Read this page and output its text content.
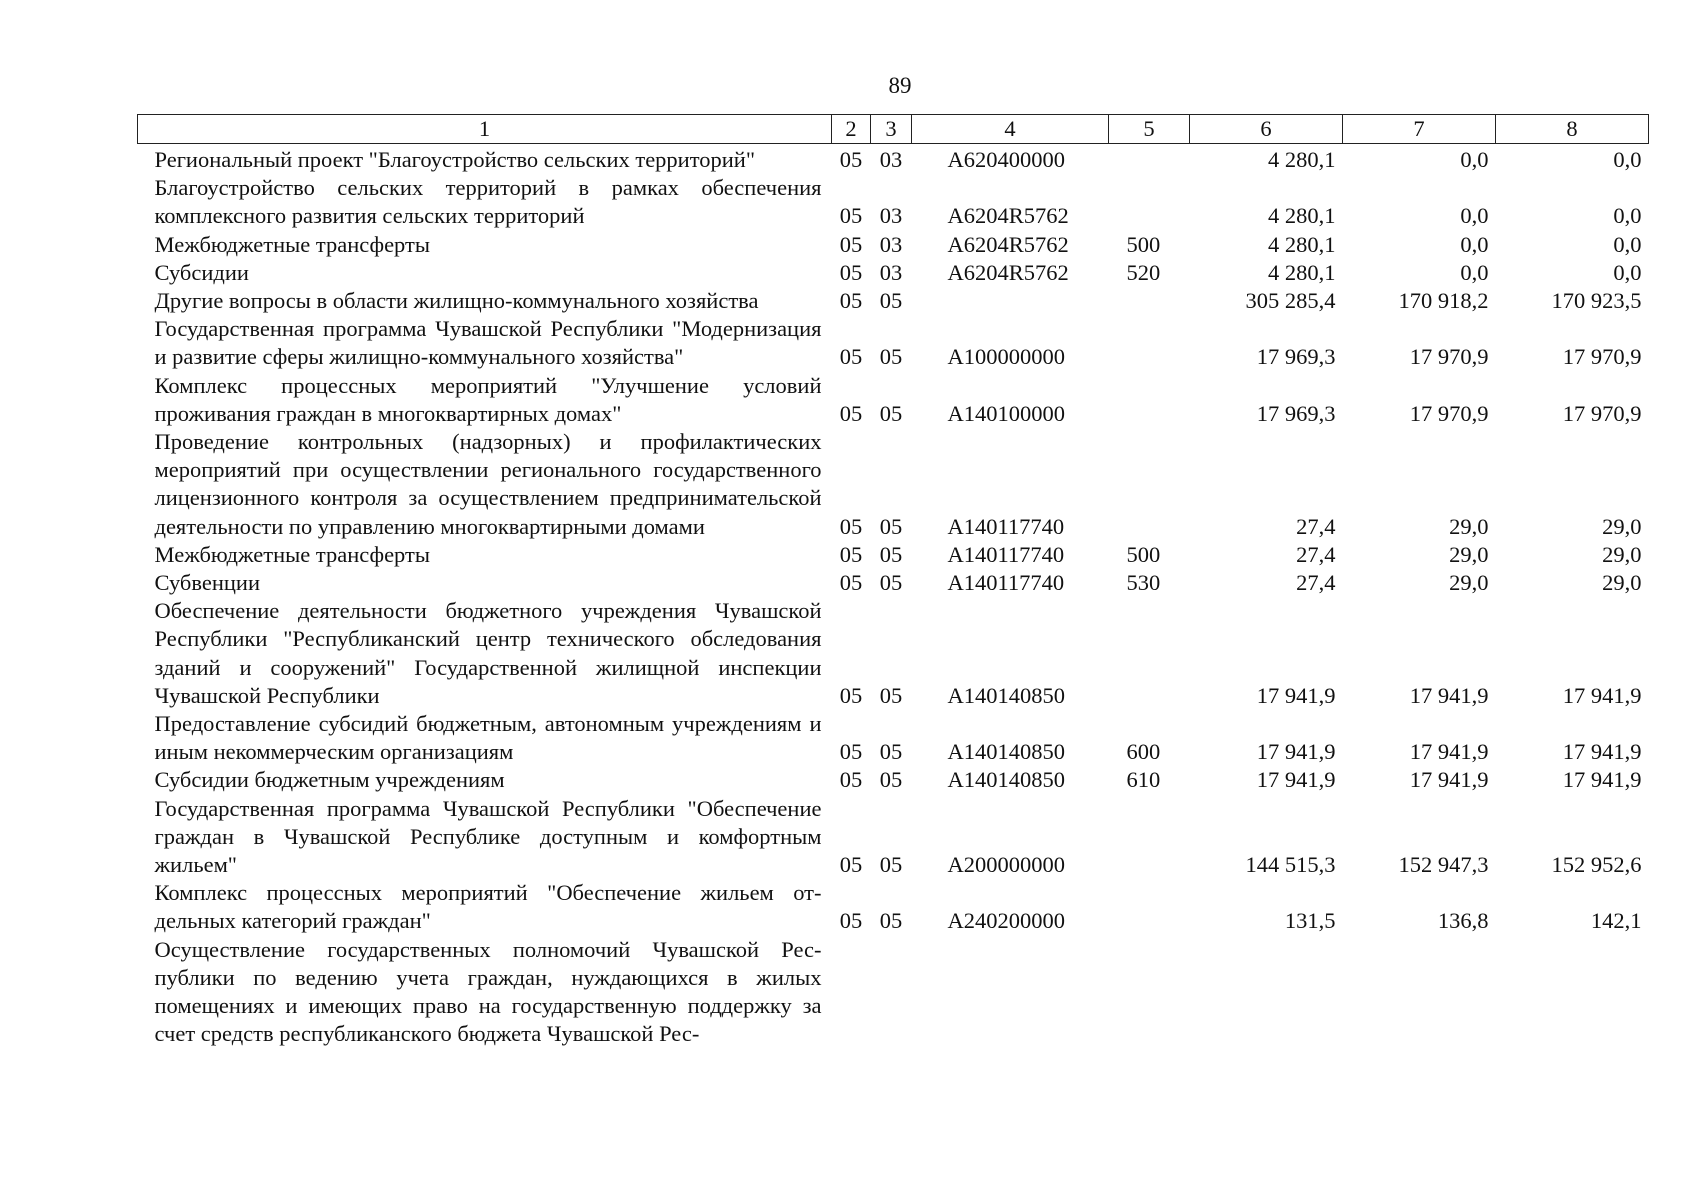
89
1	2	3	4	5	6	7	8
Региональный проект "Благоустройство сельских территорий"	05	03	А620400000		4 280,1	0,0	0,0
Благоустройство сельских территорий в рамках обеспечения комплексного развития сельских территорий	05	03	А6204R5762		4 280,1	0,0	0,0
Межбюджетные трансферты	05	03	А6204R5762	500	4 280,1	0,0	0,0
Субсидии	05	03	А6204R5762	520	4 280,1	0,0	0,0
Другие вопросы в области жилищно-коммунального хозяйства	05	05			305 285,4	170 918,2	170 923,5
Государственная программа Чувашской Республики "Модернизация и развитие сферы жилищно-коммунального хозяйства"	05	05	А100000000		17 969,3	17 970,9	17 970,9
Комплекс процессных мероприятий "Улучшение условий проживания граждан в многоквартирных домах"	05	05	А140100000		17 969,3	17 970,9	17 970,9
Проведение контрольных (надзорных) и профилактических мероприятий при осуществлении регионального государственного лицензионного контроля за осуществлением предпринимательской деятельности по управлению многоквартирными домами	05	05	А140117740		27,4	29,0	29,0
Межбюджетные трансферты	05	05	А140117740	500	27,4	29,0	29,0
Субвенции	05	05	А140117740	530	27,4	29,0	29,0
Обеспечение деятельности бюджетного учреждения Чувашской Республики "Республиканский центр технического обследования зданий и сооружений" Государственной жилищной инспекции Чувашской Республики	05	05	А140140850		17 941,9	17 941,9	17 941,9
Предоставление субсидий бюджетным, автономным учреждениям и иным некоммерческим организациям	05	05	А140140850	600	17 941,9	17 941,9	17 941,9
Субсидии бюджетным учреждениям	05	05	А140140850	610	17 941,9	17 941,9	17 941,9
Государственная программа Чувашской Республики "Обеспечение граждан в Чувашской Республике доступным и комфортным жильем"	05	05	А200000000		144 515,3	152 947,3	152 952,6
Комплекс процессных мероприятий "Обеспечение жильем отдельных категорий граждан"	05	05	А240200000		131,5	136,8	142,1
Осуществление государственных полномочий Чувашской Республики по ведению учета граждан, нуждающихся в жилых помещениях и имеющих право на государственную поддержку за счет средств республиканского бюджета Чувашской Рес-							
